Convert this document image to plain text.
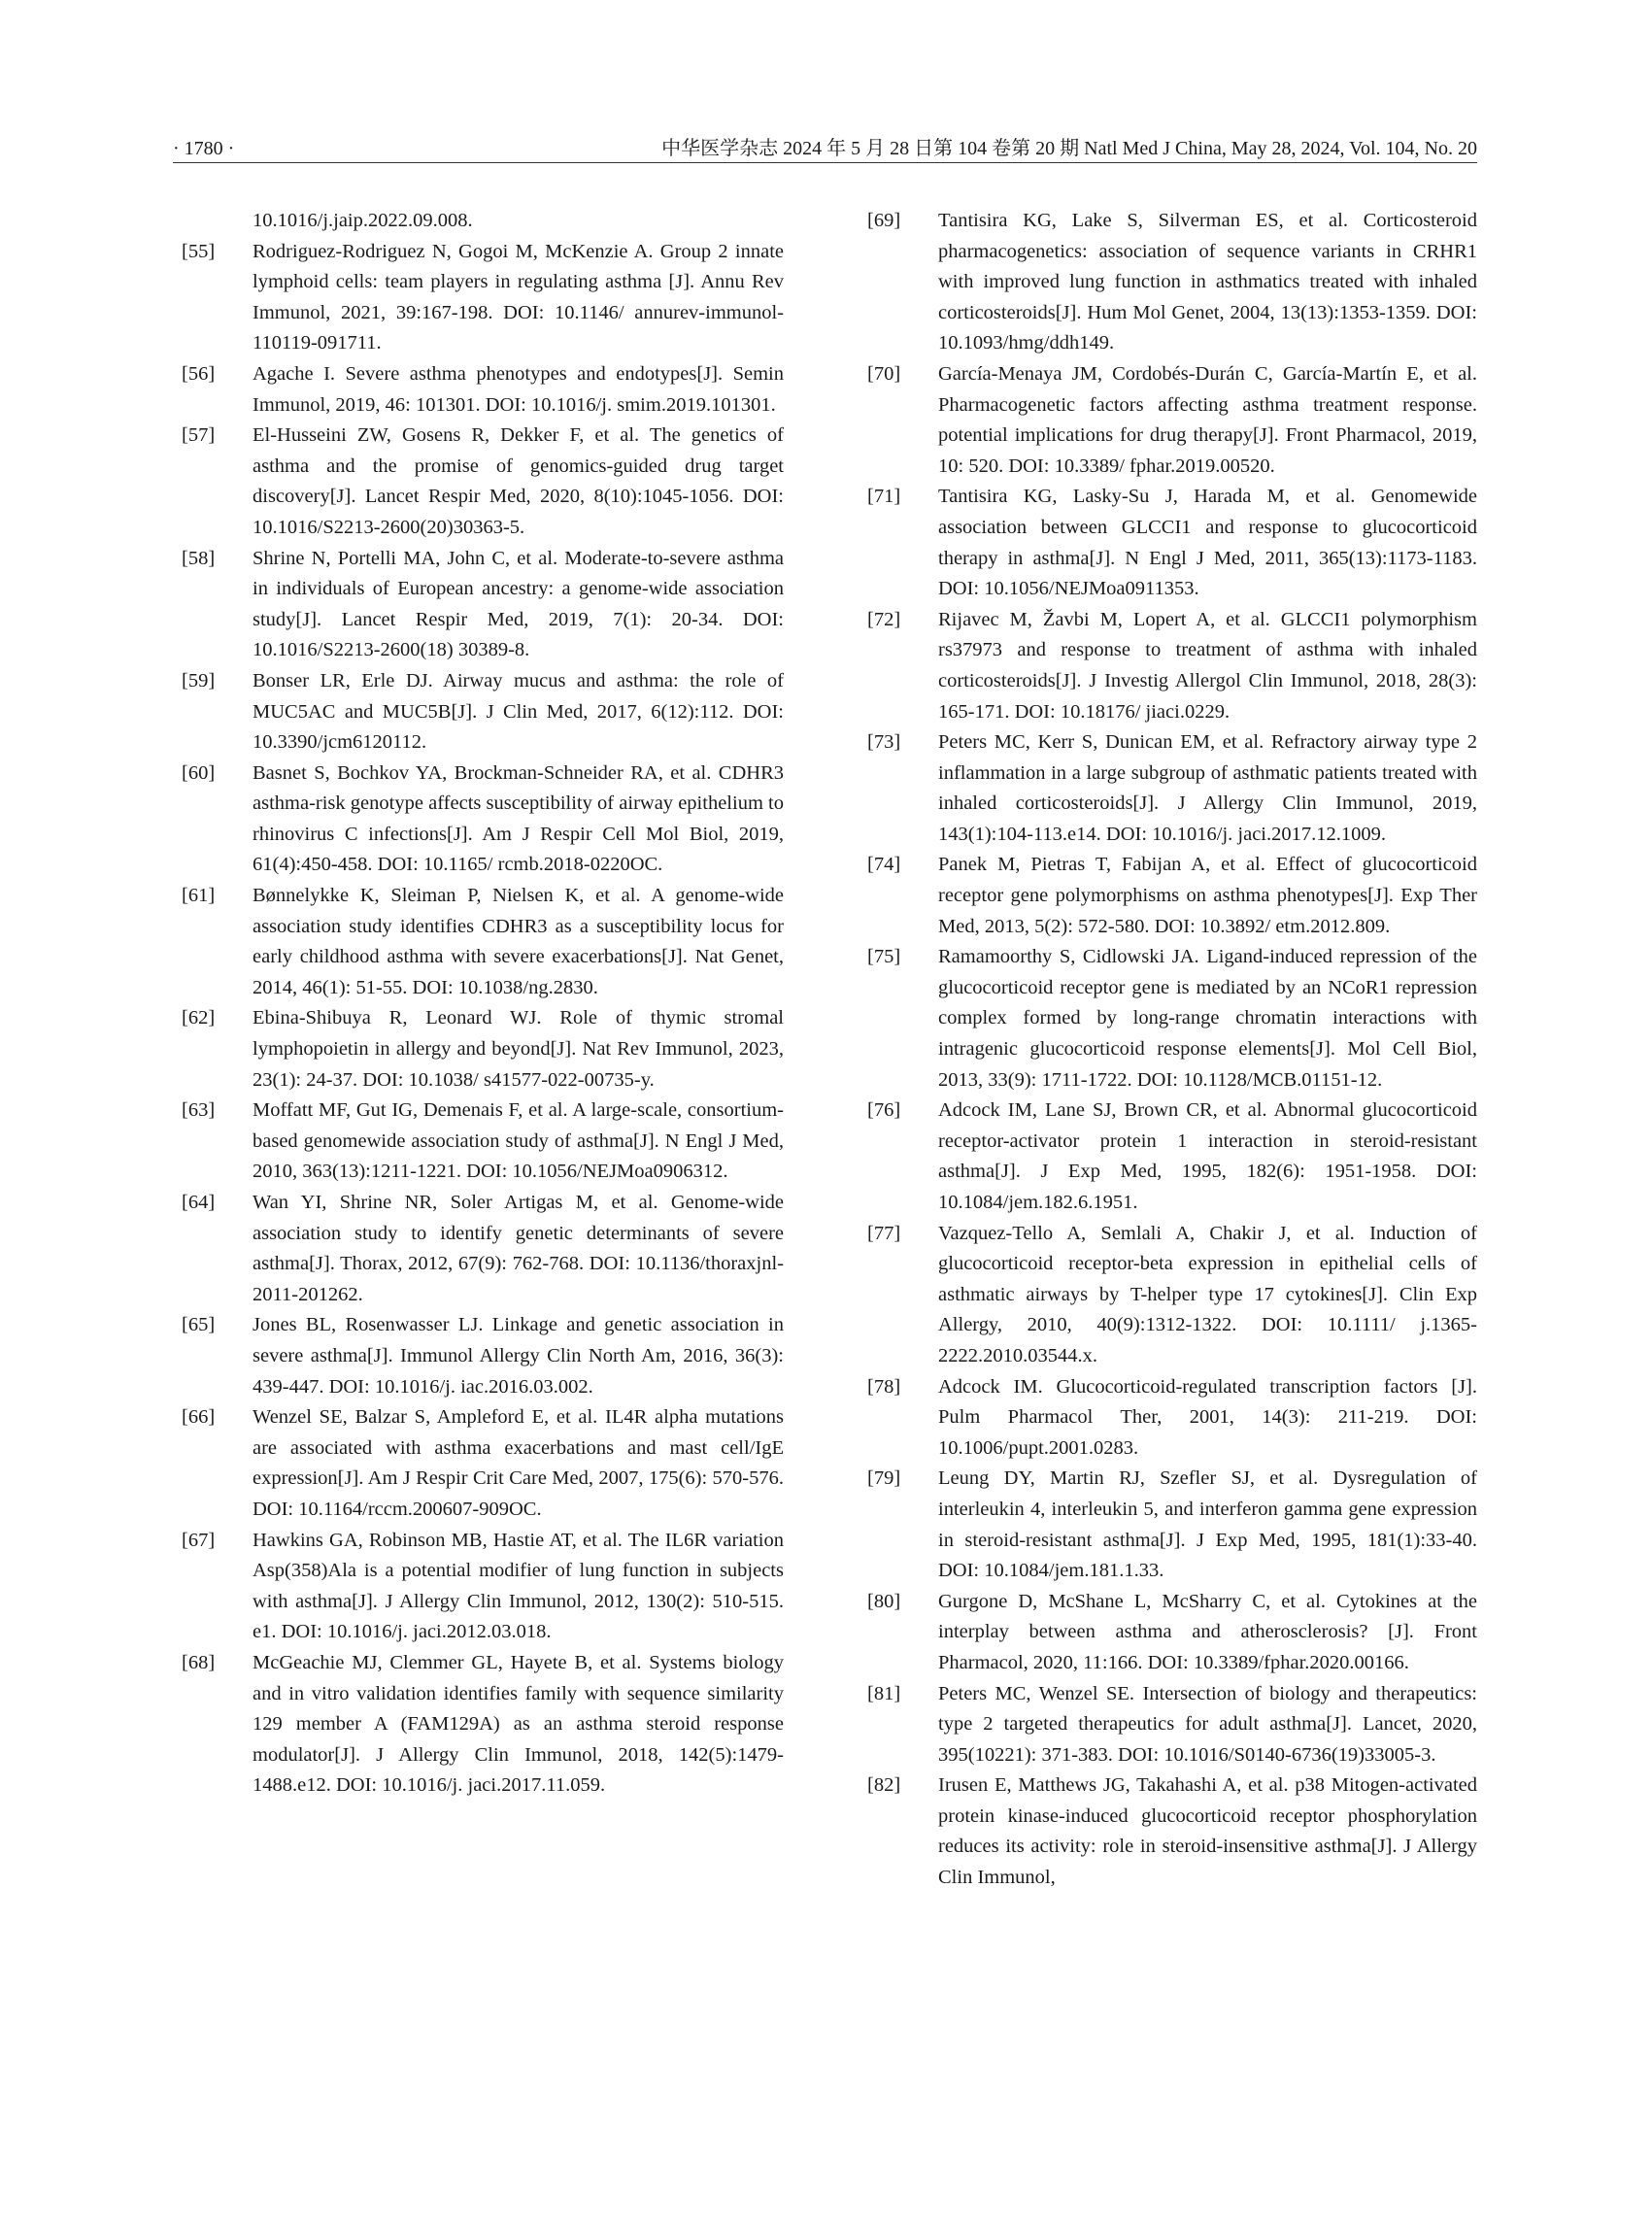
· 1780 ·	中华医学杂志 2024 年 5 月 28 日第 104 卷第 20 期 Natl Med J China, May 28, 2024, Vol. 104, No. 20

10.1016/j.jaip.2022.09.008.

[55] Rodriguez-Rodriguez N, Gogoi M, McKenzie A. Group 2 innate lymphoid cells: team players in regulating asthma [J]. Annu Rev Immunol, 2021, 39:167-198. DOI: 10.1146/ annurev-immunol-110119-091711.

[56] Agache I. Severe asthma phenotypes and endotypes[J]. Semin Immunol, 2019, 46: 101301. DOI: 10.1016/j. smim.2019.101301.

[57] El-Husseini ZW, Gosens R, Dekker F, et al. The genetics of asthma and the promise of genomics-guided drug target discovery[J]. Lancet Respir Med, 2020, 8(10):1045-1056. DOI: 10.1016/S2213-2600(20)30363-5.

[58] Shrine N, Portelli MA, John C, et al. Moderate-to-severe asthma in individuals of European ancestry: a genome-wide association study[J]. Lancet Respir Med, 2019, 7(1): 20-34. DOI: 10.1016/S2213-2600(18) 30389-8.

[59] Bonser LR, Erle DJ. Airway mucus and asthma: the role of MUC5AC and MUC5B[J]. J Clin Med, 2017, 6(12):112. DOI: 10.3390/jcm6120112.

[60] Basnet S, Bochkov YA, Brockman-Schneider RA, et al. CDHR3 asthma-risk genotype affects susceptibility of airway epithelium to rhinovirus C infections[J]. Am J Respir Cell Mol Biol, 2019, 61(4):450-458. DOI: 10.1165/ rcmb.2018-0220OC.

[61] Bønnelykke K, Sleiman P, Nielsen K, et al. A genome-wide association study identifies CDHR3 as a susceptibility locus for early childhood asthma with severe exacerbations[J]. Nat Genet, 2014, 46(1): 51-55. DOI: 10.1038/ng.2830.

[62] Ebina-Shibuya R, Leonard WJ. Role of thymic stromal lymphopoietin in allergy and beyond[J]. Nat Rev Immunol, 2023, 23(1): 24-37. DOI: 10.1038/ s41577-022-00735-y.

[63] Moffatt MF, Gut IG, Demenais F, et al. A large-scale, consortium-based genomewide association study of asthma[J]. N Engl J Med, 2010, 363(13):1211-1221. DOI: 10.1056/NEJMoa0906312.

[64] Wan YI, Shrine NR, Soler Artigas M, et al. Genome-wide association study to identify genetic determinants of severe asthma[J]. Thorax, 2012, 67(9): 762-768. DOI: 10.1136/thoraxjnl-2011-201262.

[65] Jones BL, Rosenwasser LJ. Linkage and genetic association in severe asthma[J]. Immunol Allergy Clin North Am, 2016, 36(3): 439-447. DOI: 10.1016/j. iac.2016.03.002.

[66] Wenzel SE, Balzar S, Ampleford E, et al. IL4R alpha mutations are associated with asthma exacerbations and mast cell/IgE expression[J]. Am J Respir Crit Care Med, 2007, 175(6): 570-576. DOI: 10.1164/rccm.200607-909OC.

[67] Hawkins GA, Robinson MB, Hastie AT, et al. The IL6R variation Asp(358)Ala is a potential modifier of lung function in subjects with asthma[J]. J Allergy Clin Immunol, 2012, 130(2): 510-515. e1. DOI: 10.1016/j. jaci.2012.03.018.

[68] McGeachie MJ, Clemmer GL, Hayete B, et al. Systems biology and in vitro validation identifies family with sequence similarity 129 member A (FAM129A) as an asthma steroid response modulator[J]. J Allergy Clin Immunol, 2018, 142(5):1479-1488.e12. DOI: 10.1016/j. jaci.2017.11.059.

[69] Tantisira KG, Lake S, Silverman ES, et al. Corticosteroid pharmacogenetics: association of sequence variants in CRHR1 with improved lung function in asthmatics treated with inhaled corticosteroids[J]. Hum Mol Genet, 2004, 13(13):1353-1359. DOI: 10.1093/hmg/ddh149.

[70] García-Menaya JM, Cordobés-Durán C, García-Martín E, et al. Pharmacogenetic factors affecting asthma treatment response. potential implications for drug therapy[J]. Front Pharmacol, 2019, 10: 520. DOI: 10.3389/ fphar.2019.00520.

[71] Tantisira KG, Lasky-Su J, Harada M, et al. Genomewide association between GLCCI1 and response to glucocorticoid therapy in asthma[J]. N Engl J Med, 2011, 365(13):1173-1183. DOI: 10.1056/NEJMoa0911353.

[72] Rijavec M, Žavbi M, Lopert A, et al. GLCCI1 polymorphism rs37973 and response to treatment of asthma with inhaled corticosteroids[J]. J Investig Allergol Clin Immunol, 2018, 28(3): 165-171. DOI: 10.18176/ jiaci.0229.

[73] Peters MC, Kerr S, Dunican EM, et al. Refractory airway type 2 inflammation in a large subgroup of asthmatic patients treated with inhaled corticosteroids[J]. J Allergy Clin Immunol, 2019, 143(1):104-113.e14. DOI: 10.1016/j. jaci.2017.12.1009.

[74] Panek M, Pietras T, Fabijan A, et al. Effect of glucocorticoid receptor gene polymorphisms on asthma phenotypes[J]. Exp Ther Med, 2013, 5(2): 572-580. DOI: 10.3892/ etm.2012.809.

[75] Ramamoorthy S, Cidlowski JA. Ligand-induced repression of the glucocorticoid receptor gene is mediated by an NCoR1 repression complex formed by long-range chromatin interactions with intragenic glucocorticoid response elements[J]. Mol Cell Biol, 2013, 33(9): 1711-1722. DOI: 10.1128/MCB.01151-12.

[76] Adcock IM, Lane SJ, Brown CR, et al. Abnormal glucocorticoid receptor-activator protein 1 interaction in steroid-resistant asthma[J]. J Exp Med, 1995, 182(6): 1951-1958. DOI: 10.1084/jem.182.6.1951.

[77] Vazquez-Tello A, Semlali A, Chakir J, et al. Induction of glucocorticoid receptor-beta expression in epithelial cells of asthmatic airways by T-helper type 17 cytokines[J]. Clin Exp Allergy, 2010, 40(9):1312-1322. DOI: 10.1111/ j.1365-2222.2010.03544.x.

[78] Adcock IM. Glucocorticoid-regulated transcription factors [J]. Pulm Pharmacol Ther, 2001, 14(3): 211-219. DOI: 10.1006/pupt.2001.0283.

[79] Leung DY, Martin RJ, Szefler SJ, et al. Dysregulation of interleukin 4, interleukin 5, and interferon gamma gene expression in steroid-resistant asthma[J]. J Exp Med, 1995, 181(1):33-40. DOI: 10.1084/jem.181.1.33.

[80] Gurgone D, McShane L, McSharry C, et al. Cytokines at the interplay between asthma and atherosclerosis? [J]. Front Pharmacol, 2020, 11:166. DOI: 10.3389/fphar.2020.00166.

[81] Peters MC, Wenzel SE. Intersection of biology and therapeutics: type 2 targeted therapeutics for adult asthma[J]. Lancet, 2020, 395(10221): 371-383. DOI: 10.1016/S0140-6736(19)33005-3.

[82] Irusen E, Matthews JG, Takahashi A, et al. p38 Mitogen-activated protein kinase-induced glucocorticoid receptor phosphorylation reduces its activity: role in steroid-insensitive asthma[J]. J Allergy Clin Immunol,
